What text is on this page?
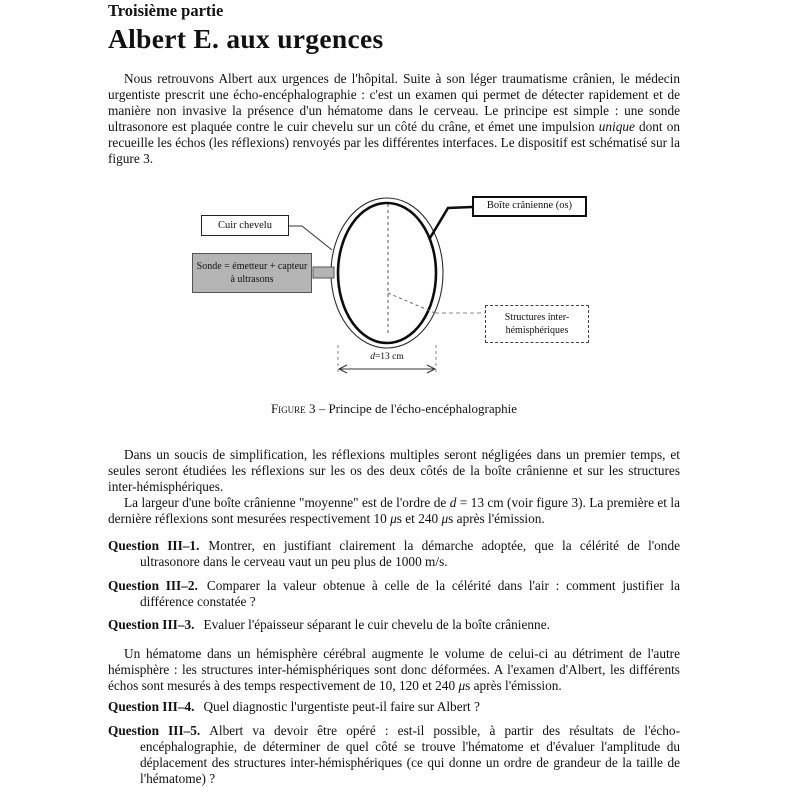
Troisième partie
Albert E. aux urgences

Nous retrouvons Albert aux urgences de l'hôpital. Suite à son léger traumatisme crânien, le médecin urgentiste prescrit une écho-encéphalographie : c'est un examen qui permet de détecter rapidement et de manière non invasive la présence d'un hématome dans le cerveau. Le principe est simple : une sonde ultrasonore est plaquée contre le cuir chevelu sur un côté du crâne, et émet une impulsion unique dont on recueille les échos (les réflexions) renvoyés par les différentes interfaces. Le dispositif est schématisé sur la figure 3.

Cuir chevelu
Boîte crânienne (os)
Sonde = émetteur + capteur
à ultrasons
Structures inter-
hémisphériques
d=13 cm
Figure 3 – Principe de l'écho-encéphalographie

Dans un soucis de simplification, les réflexions multiples seront négligées dans un premier temps, et seules seront étudiées les réflexions sur les os des deux côtés de la boîte crânienne et sur les structures inter-hémisphériques.

La largeur d'une boîte crânienne "moyenne" est de l'ordre de d = 13 cm (voir figure 3). La première et la dernière réflexions sont mesurées respectivement 10 μs et 240 μs après l'émission.

Question III–1. Montrer, en justifiant clairement la démarche adoptée, que la célérité de l'onde ultrasonore dans le cerveau vaut un peu plus de 1000 m/s.

Question III–2. Comparer la valeur obtenue à celle de la célérité dans l'air : comment justifier la différence constatée ?

Question III–3. Evaluer l'épaisseur séparant le cuir chevelu de la boîte crânienne.

Un hématome dans un hémisphère cérébral augmente le volume de celui-ci au détriment de l'autre hémisphère : les structures inter-hémisphériques sont donc déformées. A l'examen d'Albert, les différents échos sont mesurés à des temps respectivement de 10, 120 et 240 μs après l'émission.

Question III–4. Quel diagnostic l'urgentiste peut-il faire sur Albert ?

Question III–5. Albert va devoir être opéré : est-il possible, à partir des résultats de l'écho-encéphalographie, de déterminer de quel côté se trouve l'hématome et d'évaluer l'amplitude du déplacement des structures inter-hémisphériques (ce qui donne un ordre de grandeur de la taille de l'hématome) ?
